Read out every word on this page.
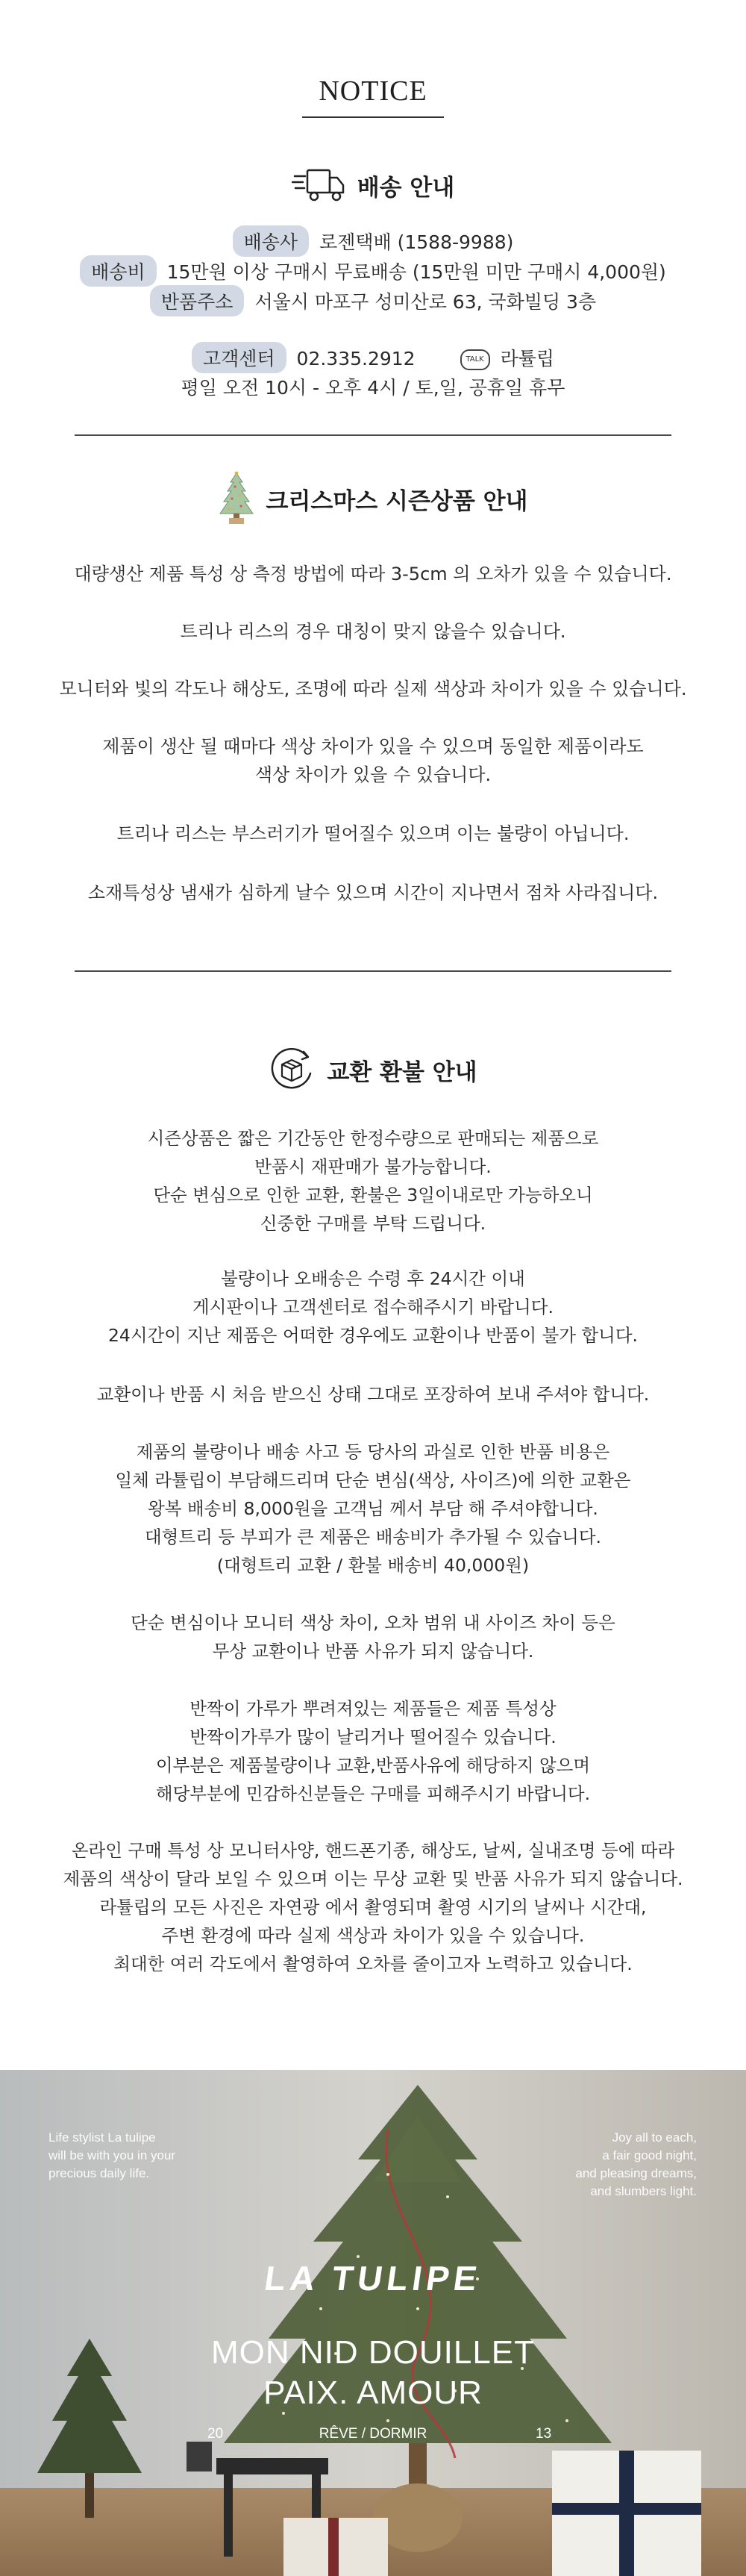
NOTICE
배송 안내
배송사 로젠택배 (1588-9988)
배송비 15만원 이상 구매시 무료배송 (15만원 미만 구매시 4,000원)
반품주소 서울시 마포구 성미산로 63, 국화빌딩 3층
고객센터 02.335.2912	TALK 라튤립
평일 오전 10시 - 오후 4시 / 토,일, 공휴일 휴무
크리스마스 시즌상품 안내
대량생산 제품 특성 상 측정 방법에 따라 3-5cm 의 오차가 있을 수 있습니다.
트리나 리스의 경우 대칭이 맞지 않을수 있습니다.
모니터와 빛의 각도나 해상도, 조명에 따라 실제 색상과 차이가 있을 수 있습니다.
제품이 생산 될 때마다 색상 차이가 있을 수 있으며 동일한 제품이라도
색상 차이가 있을 수 있습니다.
트리나 리스는 부스러기가 떨어질수 있으며 이는 불량이 아닙니다.
소재특성상 냄새가 심하게 날수 있으며 시간이 지나면서 점차 사라집니다.
교환 환불 안내
시즌상품은 짧은 기간동안 한정수량으로 판매되는 제품으로
반품시 재판매가 불가능합니다.
단순 변심으로 인한 교환, 환불은 3일이내로만 가능하오니
신중한 구매를 부탁 드립니다.
불량이나 오배송은 수령 후 24시간 이내
게시판이나 고객센터로 접수해주시기 바랍니다.
24시간이 지난 제품은 어떠한 경우에도 교환이나 반품이 불가 합니다.
교환이나 반품 시 처음 받으신 상태 그대로 포장하여 보내 주셔야 합니다.
제품의 불량이나 배송 사고 등 당사의 과실로 인한 반품 비용은
일체 라튤립이 부담해드리며 단순 변심(색상, 사이즈)에 의한 교환은
왕복 배송비 8,000원을 고객님 께서 부담 해 주셔야합니다.
대형트리 등 부피가 큰 제품은 배송비가 추가될 수 있습니다.
(대형트리 교환 / 환불 배송비 40,000원)
단순 변심이나 모니터 색상 차이, 오차 범위 내 사이즈 차이 등은
무상 교환이나 반품 사유가 되지 않습니다.
반짝이 가루가 뿌려져있는 제품들은 제품 특성상
반짝이가루가 많이 날리거나 떨어질수 있습니다.
이부분은 제품불량이나 교환,반품사유에 해당하지 않으며
해당부분에 민감하신분들은 구매를 피해주시기 바랍니다.
온라인 구매 특성 상 모니터사양, 핸드폰기종, 해상도, 날씨, 실내조명 등에 따라
제품의 색상이 달라 보일 수 있으며 이는 무상 교환 및 반품 사유가 되지 않습니다.
라튤립의 모든 사진은 자연광 에서 촬영되며 촬영 시기의 날씨나 시간대,
주변 환경에 따라 실제 색상과 차이가 있을 수 있습니다.
최대한 여러 각도에서 촬영하여 오차를 줄이고자 노력하고 있습니다.
Life stylist La tulipe
will be with you in your
precious daily life.
Joy all to each,
a fair good night,
and pleasing dreams,
and slumbers light.
LA TULIPE
MON NID DOUILLET
PAIX. AMOUR
20	RÊVE / DORMIR	13
